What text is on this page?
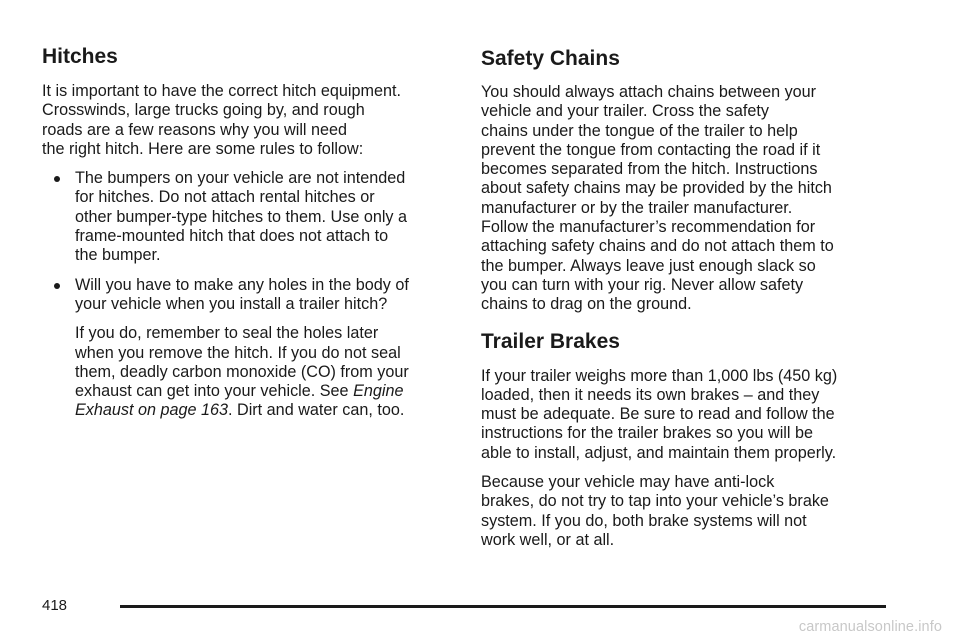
Hitches

It is important to have the correct hitch equipment.
Crosswinds, large trucks going by, and rough
roads are a few reasons why you will need
the right hitch. Here are some rules to follow:

The bumpers on your vehicle are not intended
for hitches. Do not attach rental hitches or
other bumper-type hitches to them. Use only a
frame-mounted hitch that does not attach to
the bumper.

Will you have to make any holes in the body of
your vehicle when you install a trailer hitch?

If you do, remember to seal the holes later
when you remove the hitch. If you do not seal
them, deadly carbon monoxide (CO) from your
exhaust can get into your vehicle. See Engine
Exhaust on page 163. Dirt and water can, too.

Safety Chains

You should always attach chains between your
vehicle and your trailer. Cross the safety
chains under the tongue of the trailer to help
prevent the tongue from contacting the road if it
becomes separated from the hitch. Instructions
about safety chains may be provided by the hitch
manufacturer or by the trailer manufacturer.
Follow the manufacturer’s recommendation for
attaching safety chains and do not attach them to
the bumper. Always leave just enough slack so
you can turn with your rig. Never allow safety
chains to drag on the ground.

Trailer Brakes

If your trailer weighs more than 1,000 lbs (450 kg)
loaded, then it needs its own brakes – and they
must be adequate. Be sure to read and follow the
instructions for the trailer brakes so you will be
able to install, adjust, and maintain them properly.

Because your vehicle may have anti-lock
brakes, do not try to tap into your vehicle’s brake
system. If you do, both brake systems will not
work well, or at all.

418
carmanualsonline.info
